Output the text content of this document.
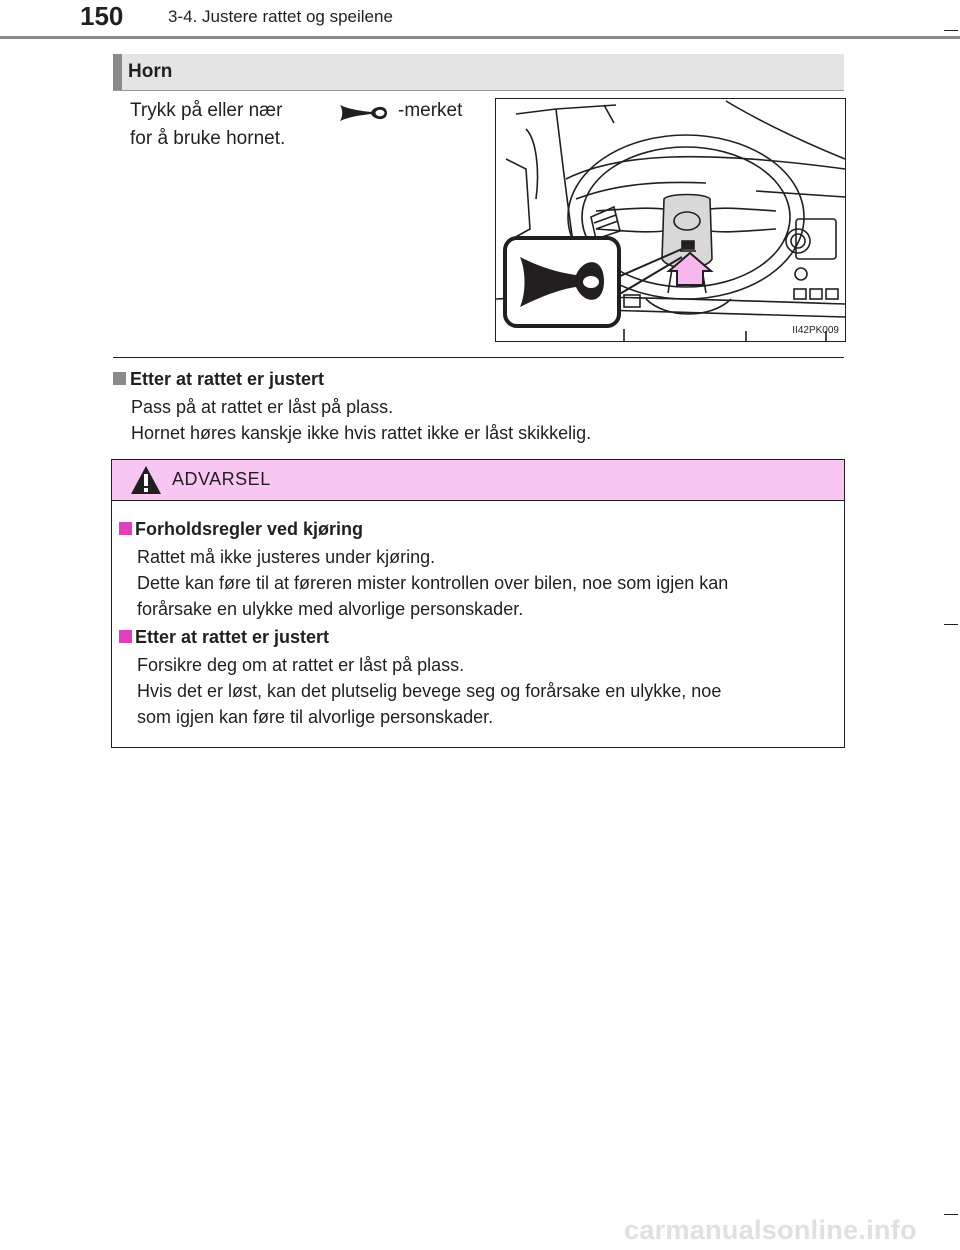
150	3-4. Justere rattet og speilene
Horn
Trykk på eller nær	-merket
for å bruke hornet.
II42PK009
Etter at rattet er justert
Pass på at rattet er låst på plass.
Hornet høres kanskje ikke hvis rattet ikke er låst skikkelig.
ADVARSEL
Forholdsregler ved kjøring
Rattet må ikke justeres under kjøring.
Dette kan føre til at føreren mister kontrollen over bilen, noe som igjen kan
forårsake en ulykke med alvorlige personskader.
Etter at rattet er justert
Forsikre deg om at rattet er låst på plass.
Hvis det er løst, kan det plutselig bevege seg og forårsake en ulykke, noe
som igjen kan føre til alvorlige personskader.
carmanualsonline.info
